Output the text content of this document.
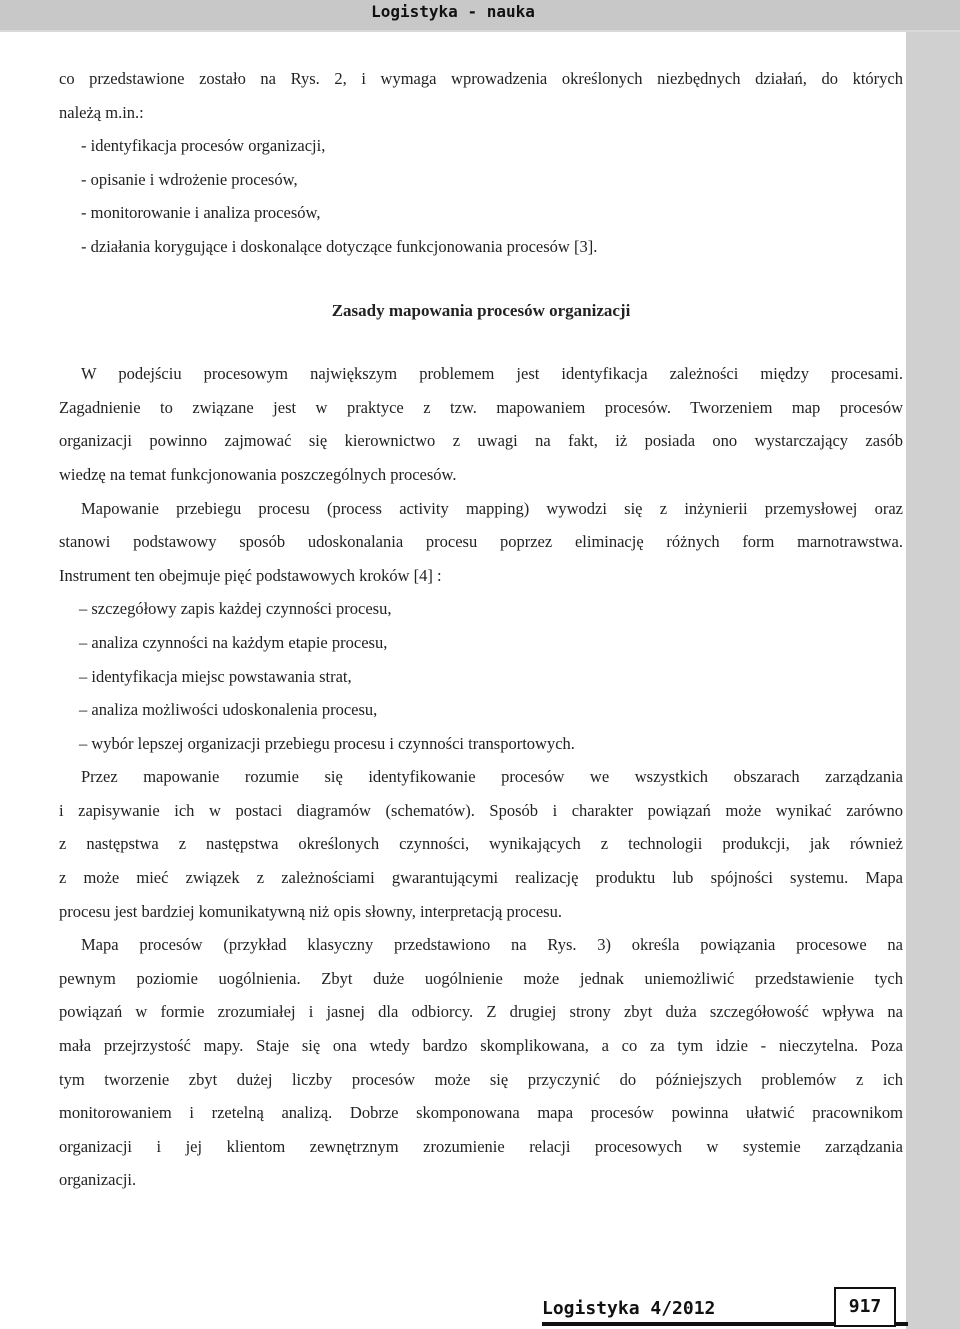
Logistyka - nauka
co przedstawione zostało na Rys. 2, i wymaga wprowadzenia określonych niezbędnych działań, do których
należą m.in.:
- identyfikacja procesów organizacji,
- opisanie i wdrożenie procesów,
- monitorowanie i analiza procesów,
- działania korygujące i doskonalące dotyczące funkcjonowania procesów [3].
Zasady mapowania procesów organizacji
W podejściu procesowym największym problemem jest identyfikacja zależności między procesami.
Zagadnienie to związane jest w praktyce z tzw. mapowaniem procesów. Tworzeniem map procesów
organizacji powinno zajmować się kierownictwo z uwagi na fakt, iż posiada ono wystarczający zasób
wiedzę na temat funkcjonowania poszczególnych procesów.
Mapowanie przebiegu procesu (process activity mapping) wywodzi się z inżynierii przemysłowej oraz
stanowi podstawowy sposób udoskonalania procesu poprzez eliminację różnych form marnotrawstwa.
Instrument ten obejmuje pięć podstawowych kroków [4] :
– szczegółowy zapis każdej czynności procesu,
– analiza czynności na każdym etapie procesu,
– identyfikacja miejsc powstawania strat,
– analiza możliwości udoskonalenia procesu,
– wybór lepszej organizacji przebiegu procesu i czynności transportowych.
Przez mapowanie rozumie się identyfikowanie procesów we wszystkich obszarach zarządzania
i zapisywanie ich w postaci diagramów (schematów). Sposób i charakter powiązań może wynikać zarówno
z następstwa z następstwa określonych czynności, wynikających z technologii produkcji, jak również
z może mieć związek z zależnościami gwarantującymi realizację produktu lub spójności systemu. Mapa
procesu jest bardziej komunikatywną niż opis słowny, interpretacją procesu.
Mapa procesów (przykład klasyczny przedstawiono na Rys. 3) określa powiązania procesowe na
pewnym poziomie uogólnienia. Zbyt duże uogólnienie może jednak uniemożliwić przedstawienie tych
powiązań w formie zrozumiałej i jasnej dla odbiorcy. Z drugiej strony zbyt duża szczegółowość wpływa na
mała przejrzystość mapy. Staje się ona wtedy bardzo skomplikowana, a co za tym idzie - nieczytelna. Poza
tym tworzenie zbyt dużej liczby procesów może się przyczynić do późniejszych problemów z ich
monitorowaniem i rzetelną analizą. Dobrze skomponowana mapa procesów powinna ułatwić pracownikom
organizacji i jej klientom zewnętrznym zrozumienie relacji procesowych w systemie zarządzania
organizacji.
Logistyka 4/2012	917
